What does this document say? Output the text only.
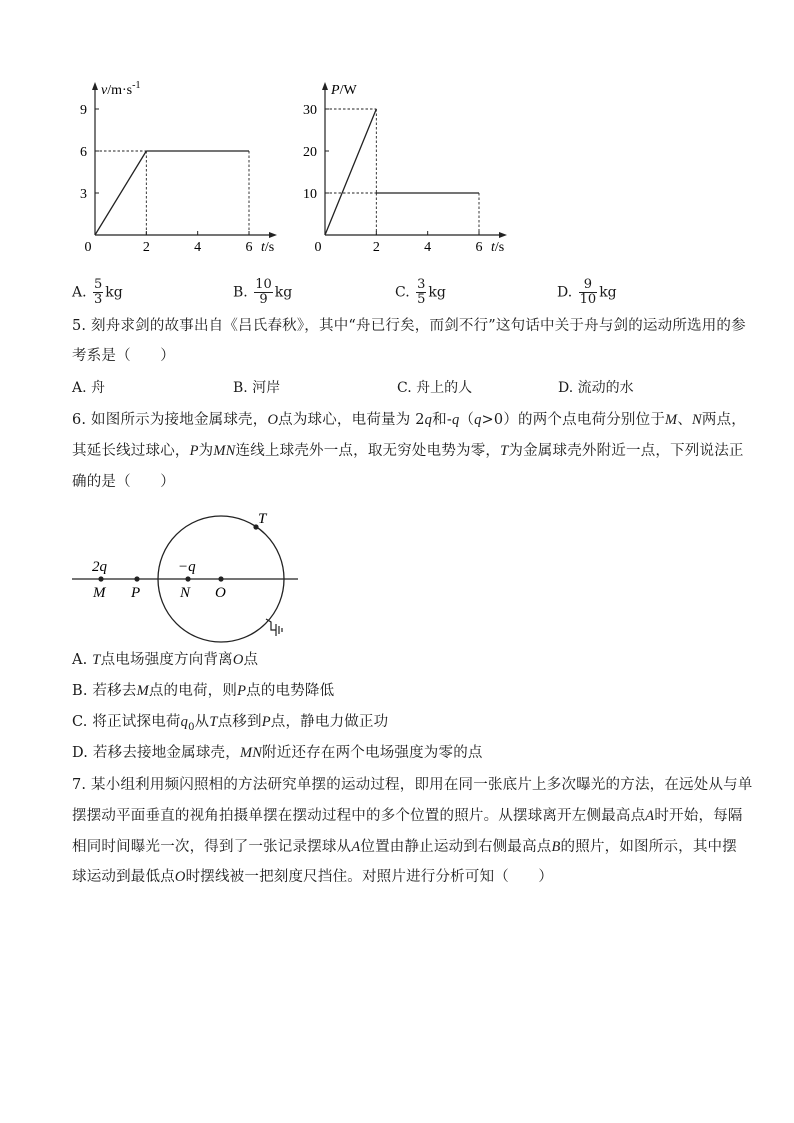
$v/m\cdot s^{-1}$
t/s
0	2	4	6
3
6
9
P/W
t/s
0	2	4	6
10
20
30
A. $\frac{5}{3}$ kg	B. $\frac{10}{9}$ kg	C. $\frac{3}{5}$ kg	D. $\frac{9}{10}$ kg
5. 刻舟求剑的故事出自《吕氏春秋》，其中“舟已行矣，而剑不行”这句话中关于舟与剑的运动所选用的参
考系是（　　）
A. 舟	B. 河岸	C. 舟上的人	D. 流动的水
6. 如图所示为接地金属球壳，O点为球心，电荷量为 2q和-q（q>0）的两个点电荷分别位于M、N两点，
其延长线过球心，P为MN连线上球壳外一点，取无穷处电势为零，T为金属球壳外附近一点，下列说法正
确的是（　　）
2q	−q
M P	N O
T
A. T点电场强度方向背离O点
B. 若移去M点的电荷，则P点的电势降低
C. 将正试探电荷$q_0$从T点移到P点，静电力做正功
D. 若移去接地金属球壳，MN附近还存在两个电场强度为零的点
7. 某小组利用频闪照相的方法研究单摆的运动过程，即用在同一张底片上多次曝光的方法，在远处从与单
摆摆动平面垂直的视角拍摄单摆在摆动过程中的多个位置的照片。从摆球离开左侧最高点A时开始，每隔
相同时间曝光一次，得到了一张记录摆球从A位置由静止运动到右侧最高点B的照片，如图所示，其中摆
球运动到最低点O时摆线被一把刻度尺挡住。对照片进行分析可知（　　）
